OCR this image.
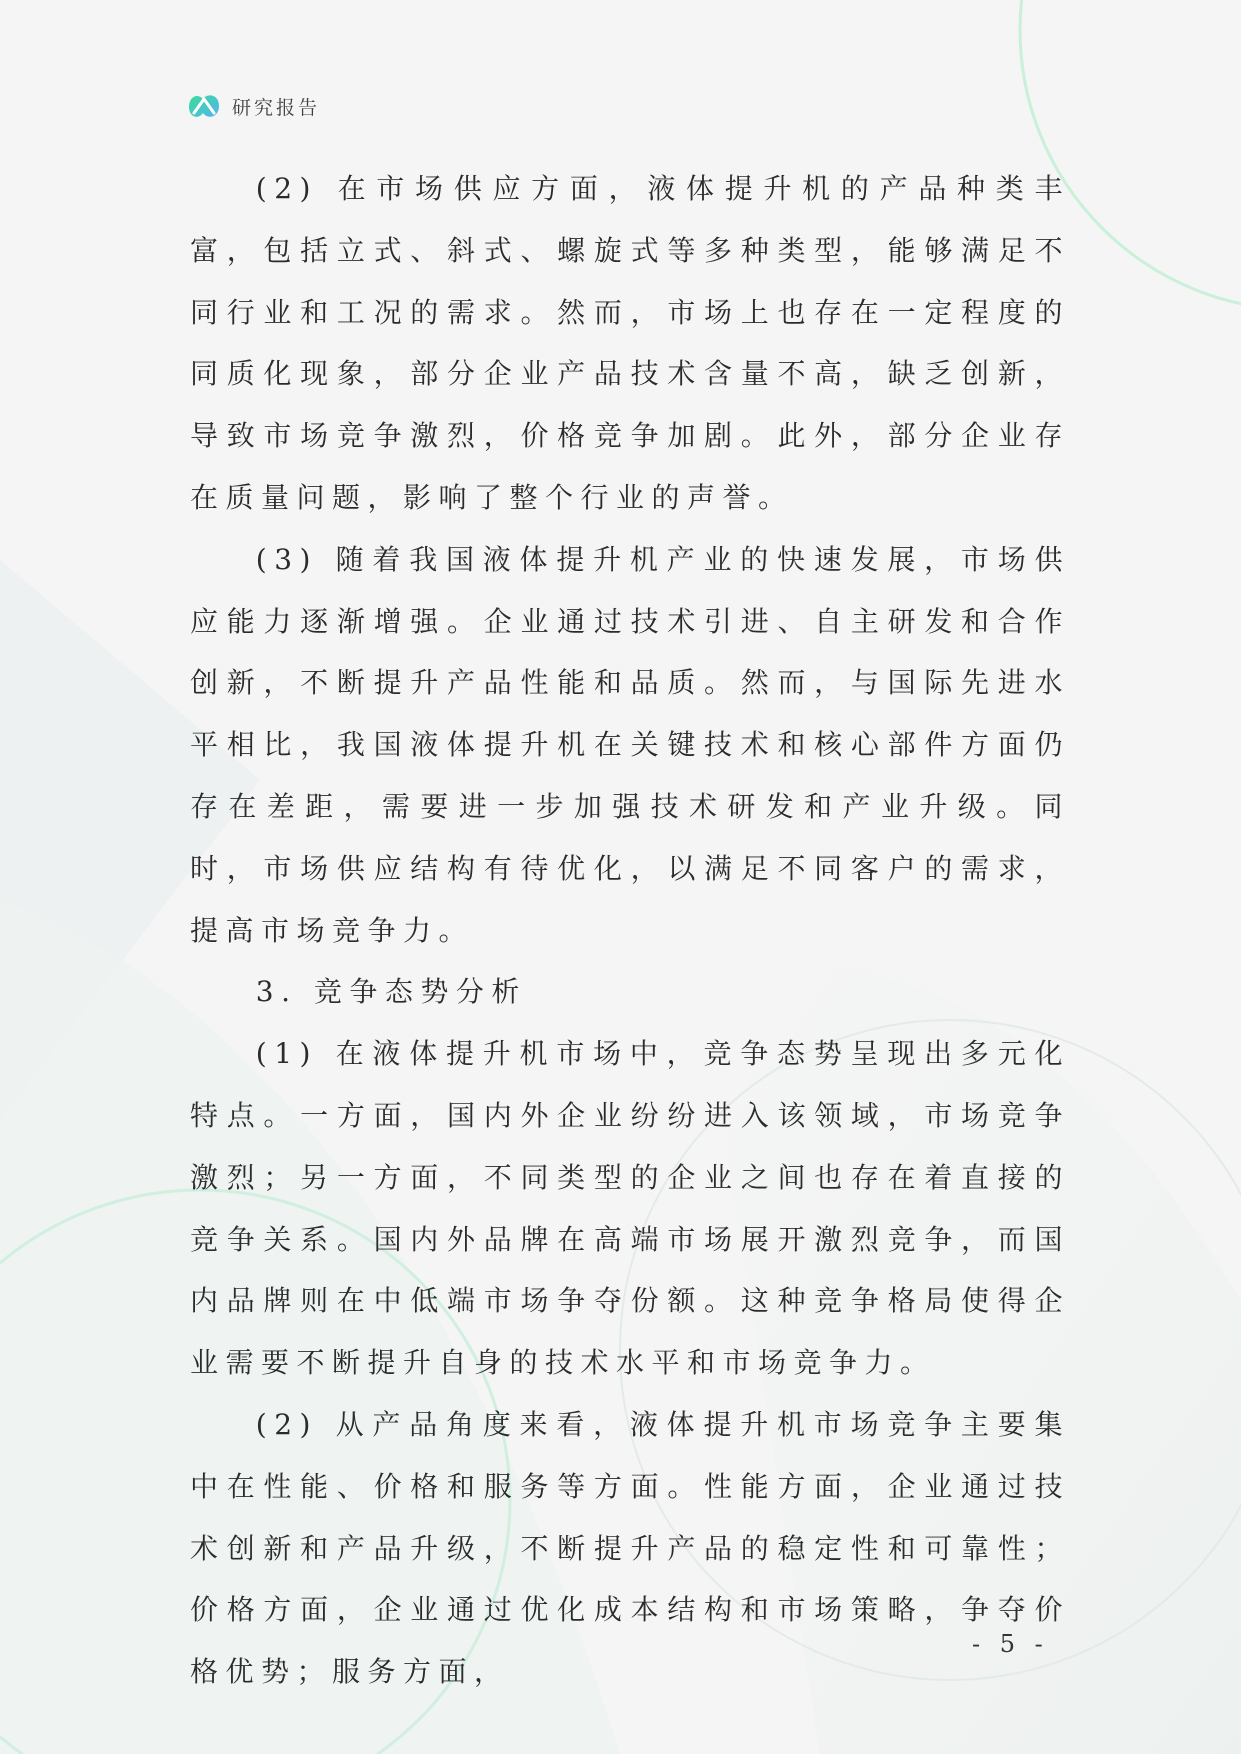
研究报告

(2) 在市场供应方面，液体提升机的产品种类丰富，包括立式、斜式、螺旋式等多种类型，能够满足不同行业和工况的需求。然而，市场上也存在一定程度的同质化现象，部分企业产品技术含量不高，缺乏创新，导致市场竞争激烈，价格竞争加剧。此外，部分企业存在质量问题，影响了整个行业的声誉。

(3) 随着我国液体提升机产业的快速发展，市场供应能力逐渐增强。企业通过技术引进、自主研发和合作创新，不断提升产品性能和品质。然而，与国际先进水平相比，我国液体提升机在关键技术和核心部件方面仍存在差距，需要进一步加强技术研发和产业升级。同时，市场供应结构有待优化，以满足不同客户的需求，提高市场竞争力。

3. 竞争态势分析

(1) 在液体提升机市场中，竞争态势呈现出多元化特点。一方面，国内外企业纷纷进入该领域，市场竞争激烈；另一方面，不同类型的企业之间也存在着直接的竞争关系。国内外品牌在高端市场展开激烈竞争，而国内品牌则在中低端市场争夺份额。这种竞争格局使得企业需要不断提升自身的技术水平和市场竞争力。

(2) 从产品角度来看，液体提升机市场竞争主要集中在性能、价格和服务等方面。性能方面，企业通过技术创新和产品升级，不断提升产品的稳定性和可靠性；价格方面，企业通过优化成本结构和市场策略，争夺价格优势；服务方面，

- 5 -
